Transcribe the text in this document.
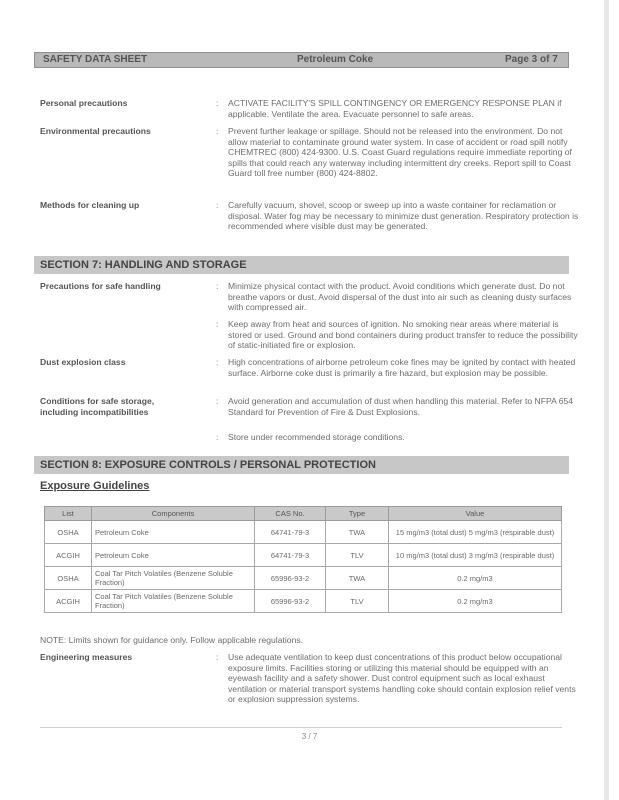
SAFETY DATA SHEET	Petroleum Coke	Page 3 of 7
Personal precautions	: ACTIVATE FACILITY'S SPILL CONTINGENCY OR EMERGENCY RESPONSE PLAN if applicable. Ventilate the area. Evacuate personnel to safe areas.
Environmental precautions	: Prevent further leakage or spillage. Should not be released into the environment. Do not allow material to contaminate ground water system. In case of accident or road spill notify CHEMTREC (800) 424-9300. U.S. Coast Guard regulations require immediate reporting of spills that could reach any waterway including intermittent dry creeks. Report spill to Coast Guard toll free number (800) 424-8802.
Methods for cleaning up	: Carefully vacuum, shovel, scoop or sweep up into a waste container for reclamation or disposal. Water fog may be necessary to minimize dust generation. Respiratory protection is recommended where visible dust may be generated.
SECTION 7: HANDLING AND STORAGE
Precautions for safe handling	: Minimize physical contact with the product. Avoid conditions which generate dust. Do not breathe vapors or dust. Avoid dispersal of the dust into air such as cleaning dusty surfaces with compressed air.
: Keep away from heat and sources of ignition. No smoking near areas where material is stored or used. Ground and bond containers during product transfer to reduce the possibility of static-initiated fire or explosion.
Dust explosion class	: High concentrations of airborne petroleum coke fines may be ignited by contact with heated surface. Airborne coke dust is primarily a fire hazard, but explosion may be possible.
Conditions for safe storage, including incompatibilities
: Avoid generation and accumulation of dust when handling this material. Refer to NFPA 654 Standard for Prevention of Fire & Dust Explosions.
: Store under recommended storage conditions.
SECTION 8: EXPOSURE CONTROLS / PERSONAL PROTECTION
Exposure Guidelines
List	Components	CAS No.	Type	Value
OSHA	Petroleum Coke	64741-79-3	TWA	15 mg/m3 (total dust) 5 mg/m3 (respirable dust)
ACGIH	Petroleum Coke	64741-79-3	TLV	10 mg/m3 (total dust) 3 mg/m3 (respirable dust)
OSHA	Coal Tar Pitch Volatiles (Benzene Soluble Fraction)	65996-93-2	TWA	0.2 mg/m3
ACGIH	Coal Tar Pitch Volatiles (Benzene Soluble Fraction)	65996-93-2	TLV	0.2 mg/m3
NOTE: Limits shown for guidance only. Follow applicable regulations.
Engineering measures	: Use adequate ventilation to keep dust concentrations of this product below occupational exposure limits. Facilities storing or utilizing this material should be equipped with an eyewash facility and a safety shower. Dust control equipment such as local exhaust ventilation or material transport systems handling coke should contain explosion relief vents or explosion suppression systems.
3 / 7
